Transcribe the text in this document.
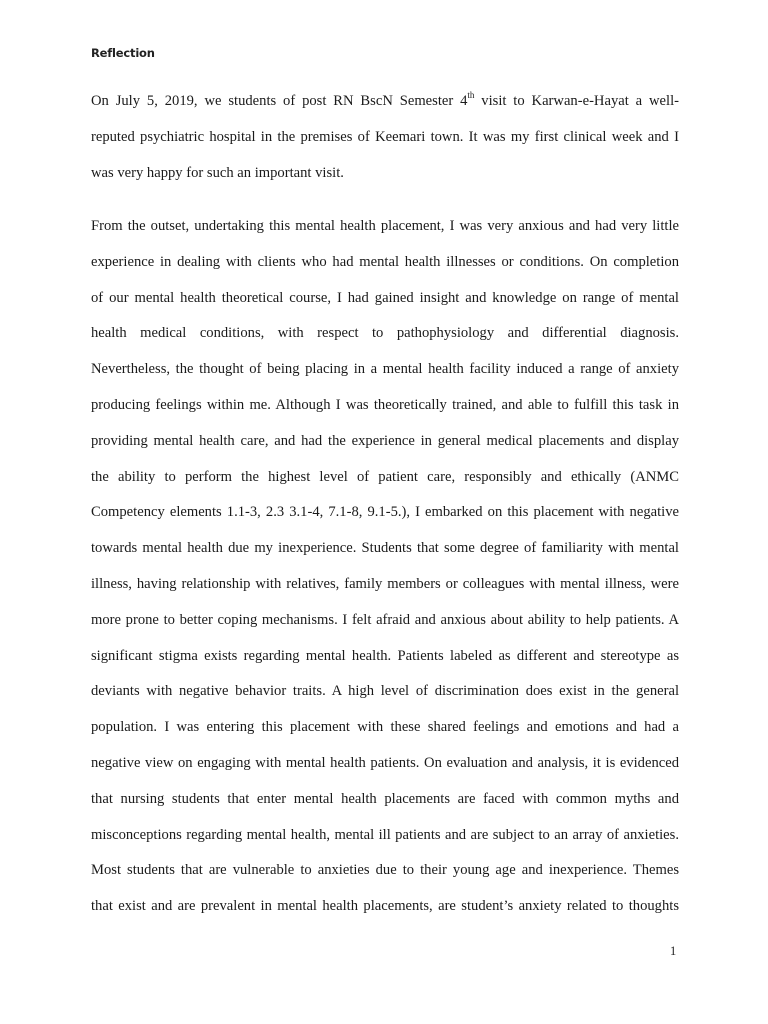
Reflection
On July 5, 2019, we students of post RN BscN Semester 4th visit to Karwan-e-Hayat a well-
reputed psychiatric hospital in the premises of Keemari town. It was my first clinical week and I
was very happy for such an important visit.
From the outset, undertaking this mental health placement, I was very anxious and had very little
experience in dealing with clients who had mental health illnesses or conditions. On completion
of our mental health theoretical course, I had gained insight and knowledge on range of mental
health medical conditions, with respect to pathophysiology and differential diagnosis.
Nevertheless, the thought of being placing in a mental health facility induced a range of anxiety
producing feelings within me. Although I was theoretically trained, and able to fulfill this task in
providing mental health care, and had the experience in general medical placements and display
the ability to perform the highest level of patient care, responsibly and ethically (ANMC
Competency elements 1.1-3, 2.3 3.1-4, 7.1-8, 9.1-5.), I embarked on this placement with negative
towards mental health due my inexperience. Students that some degree of familiarity with mental
illness, having relationship with relatives, family members or colleagues with mental illness, were
more prone to better coping mechanisms. I felt afraid and anxious about ability to help patients. A
significant stigma exists regarding mental health. Patients labeled as different and stereotype as
deviants with negative behavior traits. A high level of discrimination does exist in the general
population. I was entering this placement with these shared feelings and emotions and had a
negative view on engaging with mental health patients. On evaluation and analysis, it is evidenced
that nursing students that enter mental health placements are faced with common myths and
misconceptions regarding mental health, mental ill patients and are subject to an array of anxieties.
Most students that are vulnerable to anxieties due to their young age and inexperience. Themes
that exist and are prevalent in mental health placements, are student’s anxiety related to thoughts
1
